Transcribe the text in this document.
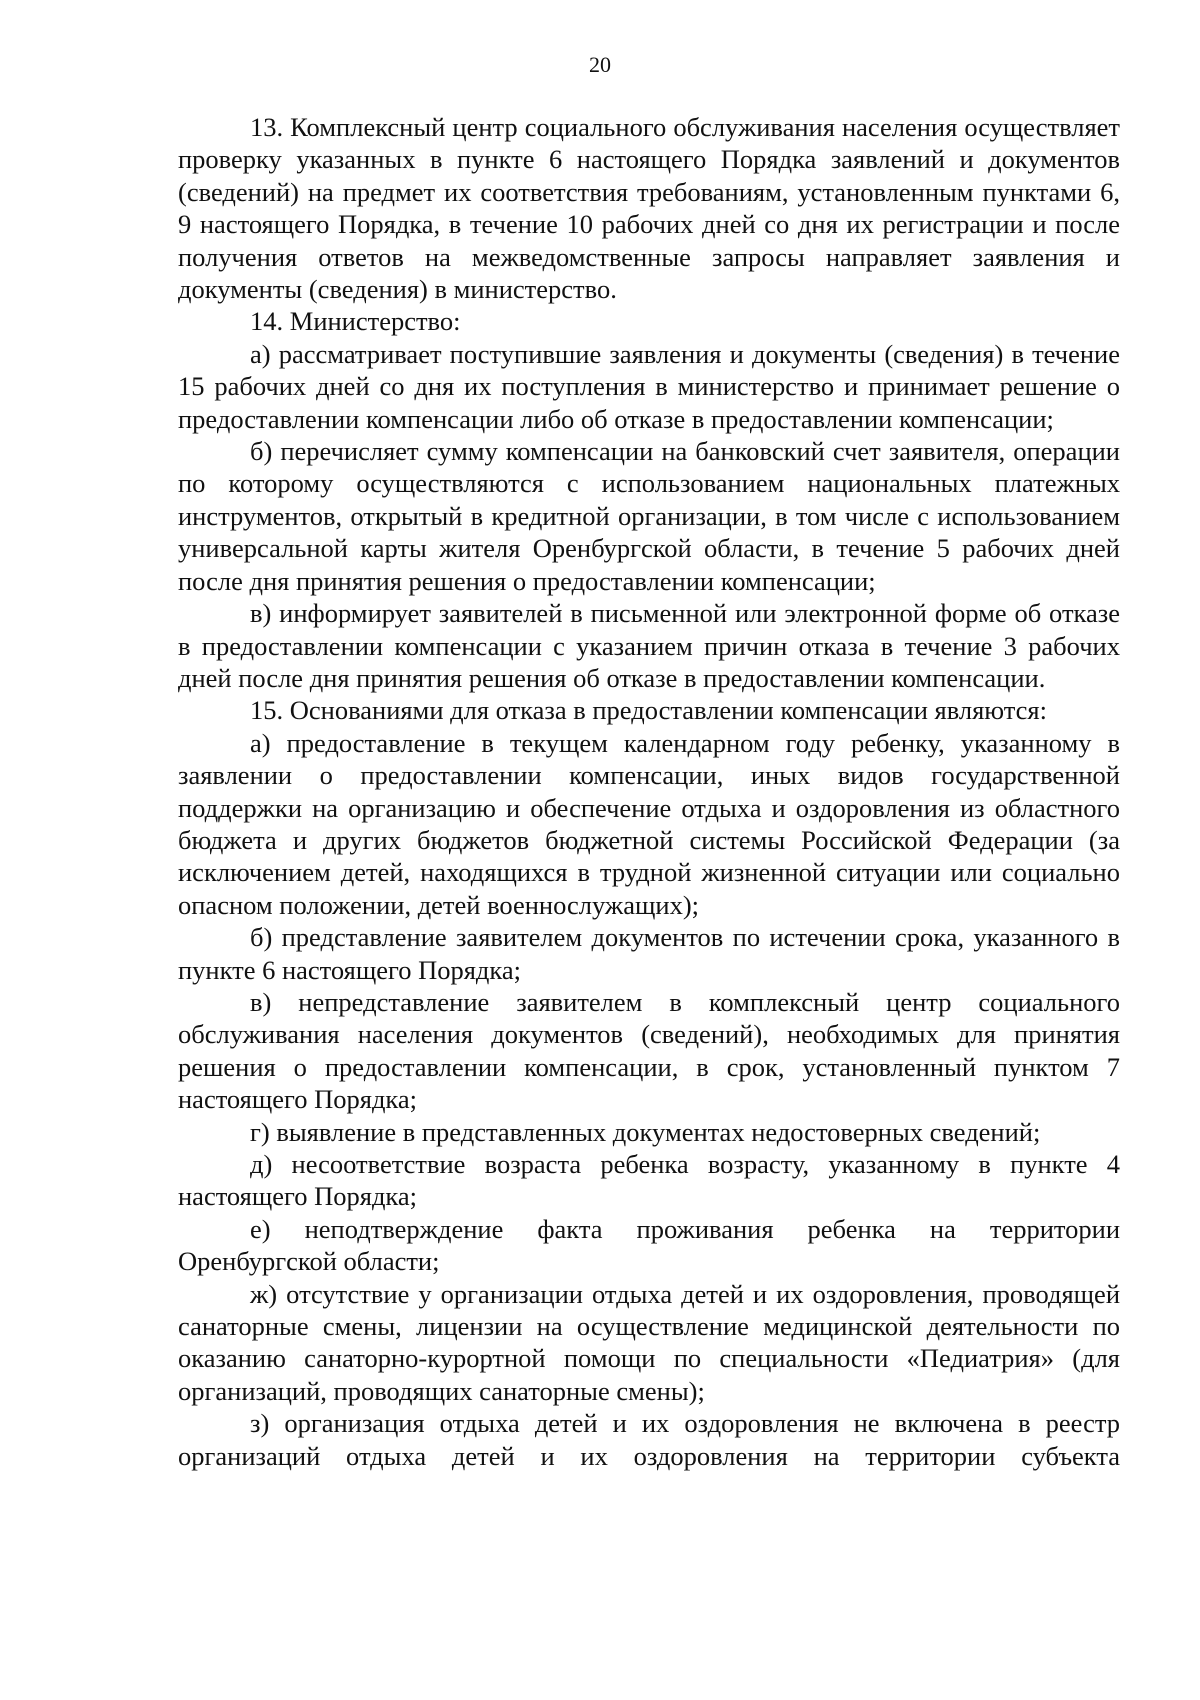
20

13. Комплексный центр социального обслуживания населения осуществляет проверку указанных в пункте 6 настоящего Порядка заявлений и документов (сведений) на предмет их соответствия требованиям, установленным пунктами 6, 9 настоящего Порядка, в течение 10 рабочих дней со дня их регистрации и после получения ответов на межведомственные запросы направляет заявления и документы (сведения) в министерство.

14. Министерство:

а) рассматривает поступившие заявления и документы (сведения) в течение 15 рабочих дней со дня их поступления в министерство и принимает решение о предоставлении компенсации либо об отказе в предоставлении компенсации;

б) перечисляет сумму компенсации на банковский счет заявителя, операции по которому осуществляются с использованием национальных платежных инструментов, открытый в кредитной организации, в том числе с использованием универсальной карты жителя Оренбургской области, в течение 5 рабочих дней после дня принятия решения о предоставлении компенсации;

в) информирует заявителей в письменной или электронной форме об отказе в предоставлении компенсации с указанием причин отказа в течение 3 рабочих дней после дня принятия решения об отказе в предоставлении компенсации.

15. Основаниями для отказа в предоставлении компенсации являются:

а) предоставление в текущем календарном году ребенку, указанному в заявлении о предоставлении компенсации, иных видов государственной поддержки на организацию и обеспечение отдыха и оздоровления из областного бюджета и других бюджетов бюджетной системы Российской Федерации (за исключением детей, находящихся в трудной жизненной ситуации или социально опасном положении, детей военнослужащих);

б) представление заявителем документов по истечении срока, указанного в пункте 6 настоящего Порядка;

в) непредставление заявителем в комплексный центр социального обслуживания населения документов (сведений), необходимых для принятия решения о предоставлении компенсации, в срок, установленный пунктом 7 настоящего Порядка;

г) выявление в представленных документах недостоверных сведений;

д) несоответствие возраста ребенка возрасту, указанному в пункте 4 настоящего Порядка;

е) неподтверждение факта проживания ребенка на территории Оренбургской области;

ж) отсутствие у организации отдыха детей и их оздоровления, проводящей санаторные смены, лицензии на осуществление медицинской деятельности по оказанию санаторно-курортной помощи по специальности «Педиатрия» (для организаций, проводящих санаторные смены);

з) организация отдыха детей и их оздоровления не включена в реестр организаций отдыха детей и их оздоровления на территории субъекта
